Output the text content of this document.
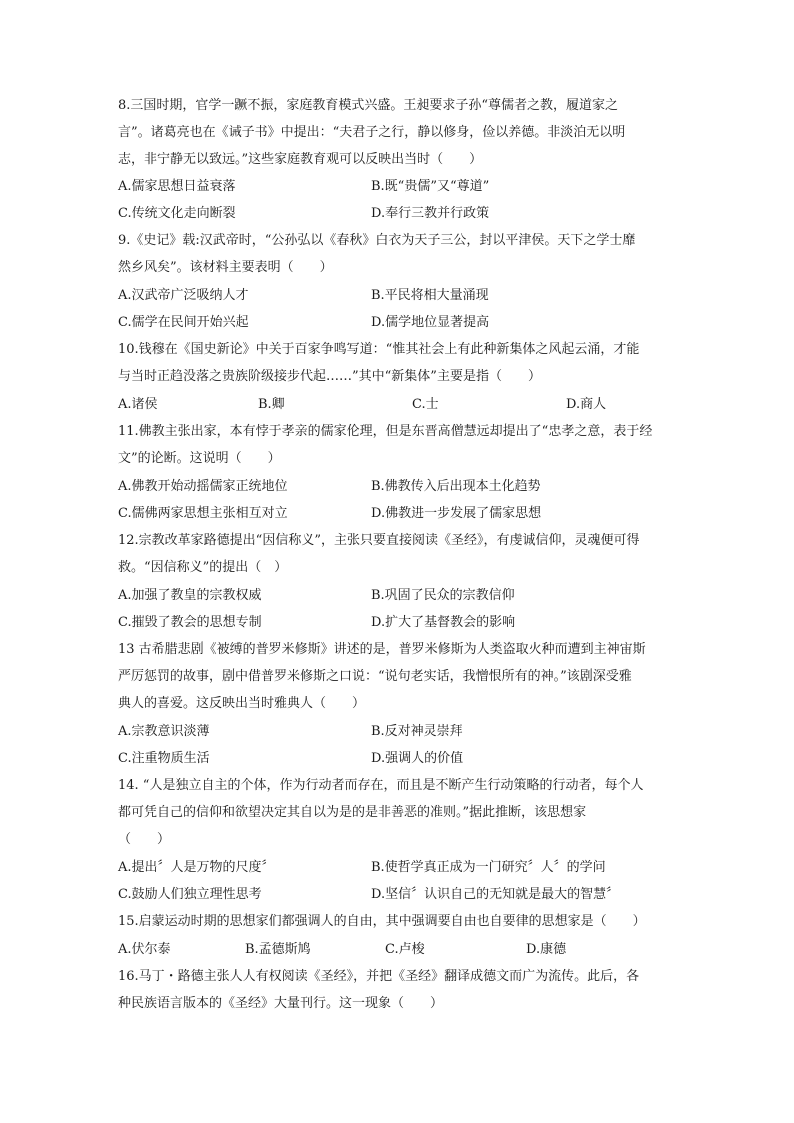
8.三国时期，官学一蹶不振，家庭教育模式兴盛。王昶要求子孙“尊儒者之教，履道家之
言”。诸葛亮也在《诫子书》中提出：“夫君子之行，静以修身，俭以养德。非淡泊无以明
志，非宁静无以致远。”这些家庭教育观可以反映出当时（　　）
A.儒家思想日益衰落	B.既“贵儒”又“尊道”
C.传统文化走向断裂	D.奉行三教并行政策
9.《史记》载:汉武帝时，“公孙弘以《春秋》白衣为天子三公，封以平津侯。天下之学士靡
然乡风矣”。该材料主要表明（　　）
A.汉武帝广泛吸纳人才	B.平民将相大量涌现
C.儒学在民间开始兴起	D.儒学地位显著提高
10.钱穆在《国史新论》中关于百家争鸣写道：“惟其社会上有此种新集体之风起云涌，才能
与当时正趋没落之贵族阶级接步代起……”其中“新集体”主要是指（　　）
A.诸侯	B.卿	C.士	D.商人
11.佛教主张出家，本有悖于孝亲的儒家伦理，但是东晋高僧慧远却提出了“忠孝之意，表于经
文”的论断。这说明（　　）
A.佛教开始动摇儒家正统地位	B.佛教传入后出现本土化趋势
C.儒佛两家思想主张相互对立	D.佛教进一步发展了儒家思想
12.宗教改革家路德提出“因信称义”，主张只要直接阅读《圣经》，有虔诚信仰，灵魂便可得
救。“因信称义”的提出（　）
A.加强了教皇的宗教权威	B.巩固了民众的宗教信仰
C.摧毁了教会的思想专制	D.扩大了基督教会的影响
13 古希腊悲剧《被缚的普罗米修斯》讲述的是，普罗米修斯为人类盗取火种而遭到主神宙斯
严厉惩罚的故事，剧中借普罗米修斯之口说：“说句老实话，我憎恨所有的神。”该剧深受雅
典人的喜爱。这反映出当时雅典人（　　）
A.宗教意识淡薄	B.反对神灵崇拜
C.注重物质生活	D.强调人的价值
14. “人是独立自主的个体，作为行动者而存在，而且是不断产生行动策略的行动者，每个人
都可凭自己的信仰和欲望决定其自以为是的是非善恶的准则。”据此推断，该思想家
（　　）
A.提出〞人是万物的尺度〞	B.使哲学真正成为一门研究〞人〞的学问
C.鼓励人们独立理性思考	D.坚信〞认识自己的无知就是最大的智慧〞
15.启蒙运动时期的思想家们都强调人的自由，其中强调要自由也自要律的思想家是（　　）
A.伏尔泰	B.孟德斯鸠	C.卢梭	D.康德
16.马丁・路德主张人人有权阅读《圣经》，并把《圣经》翻译成德文而广为流传。此后，各
种民族语言版本的《圣经》大量刊行。这一现象（　　）
